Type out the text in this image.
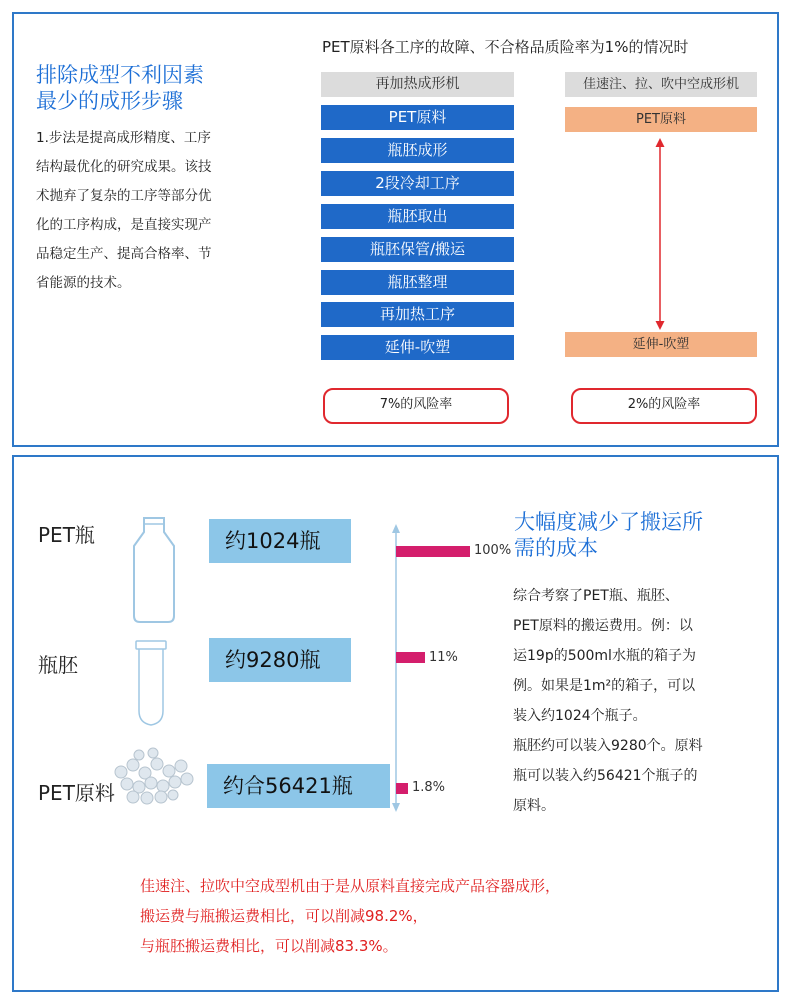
排除成型不利因素
最少的成形步骤
1.步法是提高成形精度、工序
结构最优化的研究成果。该技
术抛弃了复杂的工序等部分优
化的工序构成，是直接实现产
品稳定生产、提高合格率、节
省能源的技术。
PET原料各工序的故障、不合格品质险率为1%的情况时
再加热成形机
PET原料
瓶胚成形
2段冷却工序
瓶胚取出
瓶胚保管/搬运
瓶胚整理
再加热工序
延伸-吹塑
佳速注、拉、吹中空成形机
PET原料
延伸-吹塑
7%的风险率	2%的风险率
PET瓶
瓶胚
PET原料
约1024瓶
约9280瓶
约合56421瓶
100%
11%
1.8%
大幅度减少了搬运所
需的成本
综合考察了PET瓶、瓶胚、
PET原料的搬运费用。例：以
运19p的500ml水瓶的箱子为
例。如果是1m²的箱子，可以
装入约1024个瓶子。
瓶胚约可以装入9280个。原料
瓶可以装入约56421个瓶子的
原料。
佳速注、拉吹中空成型机由于是从原料直接完成产品容器成形，
搬运费与瓶搬运费相比，可以削减98.2%，
与瓶胚搬运费相比，可以削减83.3%。
